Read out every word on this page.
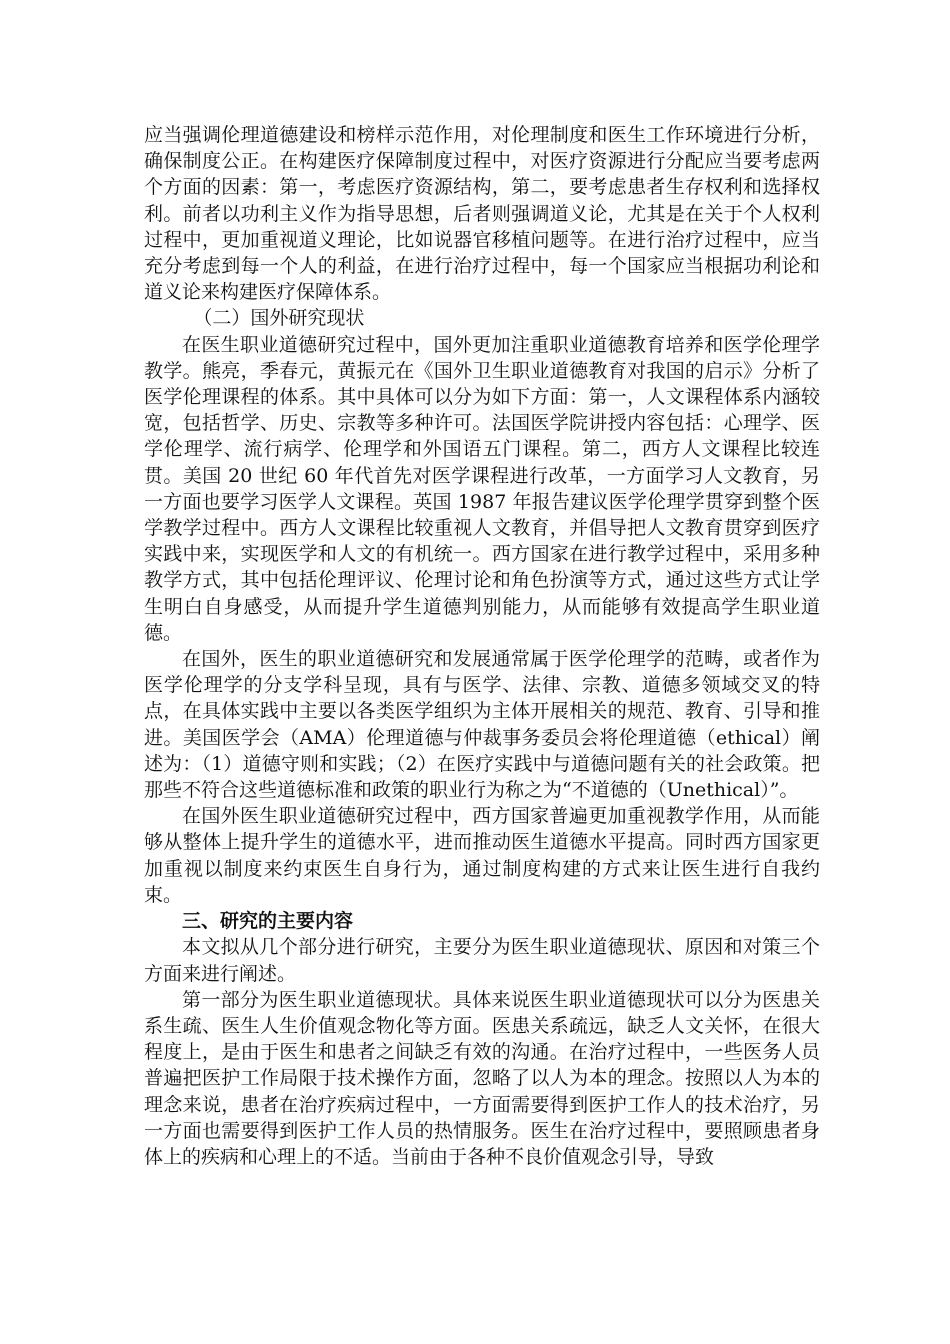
应当强调伦理道德建设和榜样示范作用，对伦理制度和医生工作环境进行分析，确保制度公正。在构建医疗保障制度过程中，对医疗资源进行分配应当要考虑两个方面的因素：第一，考虑医疗资源结构，第二，要考虑患者生存权利和选择权利。前者以功利主义作为指导思想，后者则强调道义论，尤其是在关于个人权利过程中，更加重视道义理论，比如说器官移植问题等。在进行治疗过程中，应当充分考虑到每一个人的利益，在进行治疗过程中，每一个国家应当根据功利论和道义论来构建医疗保障体系。

（二）国外研究现状

在医生职业道德研究过程中，国外更加注重职业道德教育培养和医学伦理学教学。熊亮，季春元，黄振元在《国外卫生职业道德教育对我国的启示》分析了医学伦理课程的体系。其中具体可以分为如下方面：第一，人文课程体系内涵较宽，包括哲学、历史、宗教等多种许可。法国医学院讲授内容包括：心理学、医学伦理学、流行病学、伦理学和外国语五门课程。第二，西方人文课程比较连贯。美国 20 世纪 60 年代首先对医学课程进行改革，一方面学习人文教育，另一方面也要学习医学人文课程。英国 1987 年报告建议医学伦理学贯穿到整个医学教学过程中。西方人文课程比较重视人文教育，并倡导把人文教育贯穿到医疗实践中来，实现医学和人文的有机统一。西方国家在进行教学过程中，采用多种教学方式，其中包括伦理评议、伦理讨论和角色扮演等方式，通过这些方式让学生明白自身感受，从而提升学生道德判别能力，从而能够有效提高学生职业道德。

在国外，医生的职业道德研究和发展通常属于医学伦理学的范畴，或者作为医学伦理学的分支学科呈现，具有与医学、法律、宗教、道德多领域交叉的特点，在具体实践中主要以各类医学组织为主体开展相关的规范、教育、引导和推进。美国医学会（AMA）伦理道德与仲裁事务委员会将伦理道德（ethical）阐述为：（1）道德守则和实践；（2）在医疗实践中与道德问题有关的社会政策。把那些不符合这些道德标准和政策的职业行为称之为“不道德的（Unethical）”。

在国外医生职业道德研究过程中，西方国家普遍更加重视教学作用，从而能够从整体上提升学生的道德水平，进而推动医生道德水平提高。同时西方国家更加重视以制度来约束医生自身行为，通过制度构建的方式来让医生进行自我约束。

三、研究的主要内容

本文拟从几个部分进行研究，主要分为医生职业道德现状、原因和对策三个方面来进行阐述。

第一部分为医生职业道德现状。具体来说医生职业道德现状可以分为医患关系生疏、医生人生价值观念物化等方面。医患关系疏远，缺乏人文关怀，在很大程度上，是由于医生和患者之间缺乏有效的沟通。在治疗过程中，一些医务人员普遍把医护工作局限于技术操作方面，忽略了以人为本的理念。按照以人为本的理念来说，患者在治疗疾病过程中，一方面需要得到医护工作人的技术治疗，另一方面也需要得到医护工作人员的热情服务。医生在治疗过程中，要照顾患者身体上的疾病和心理上的不适。当前由于各种不良价值观念引导，导致
